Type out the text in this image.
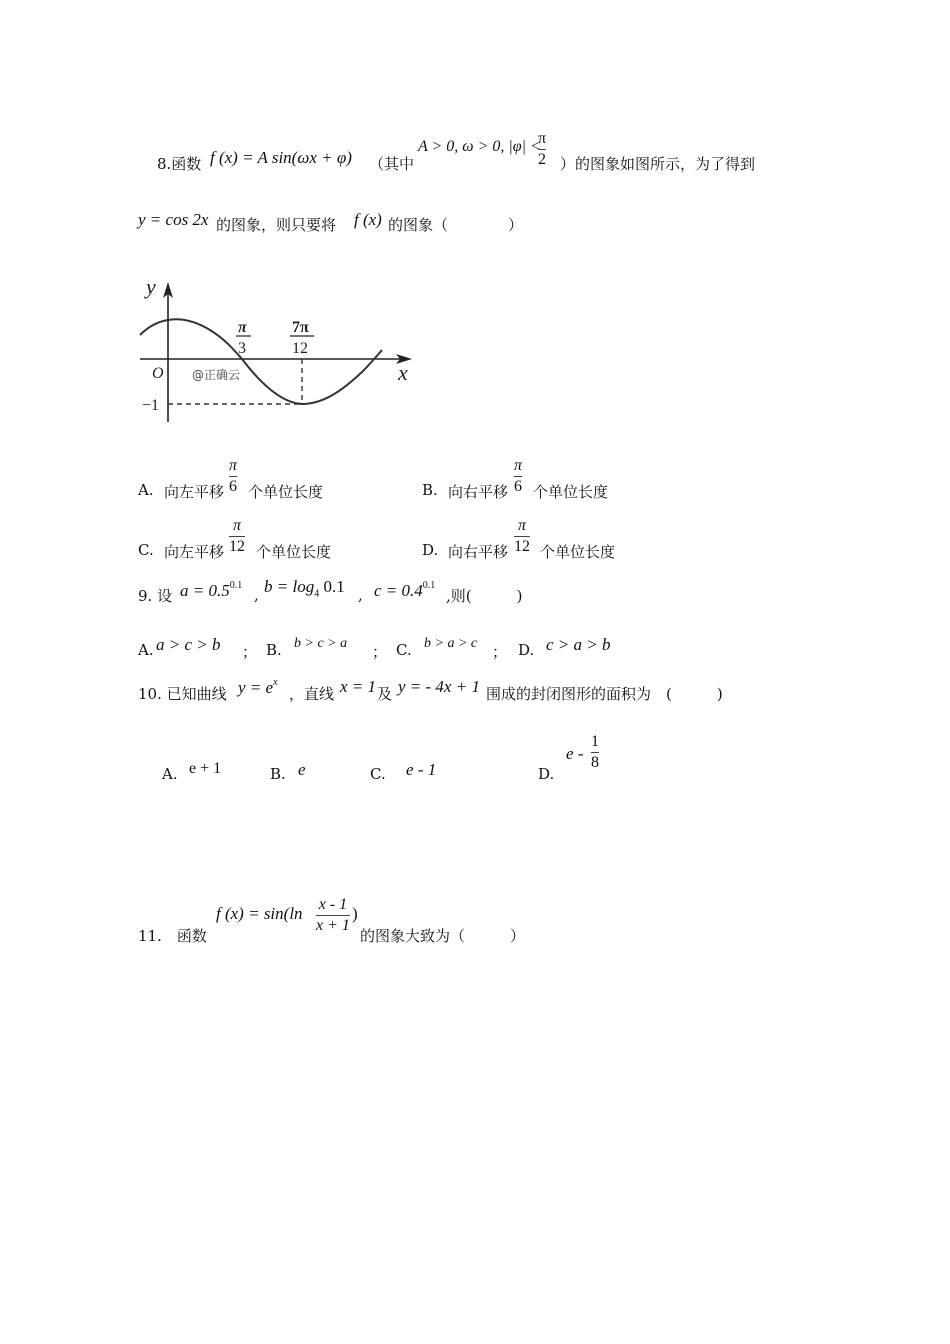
8.函数 f (x) = A sin(ωx + φ) （其中
A > 0, ω > 0, |φ| <
π
2 ）的图象如图所示，为了得到
y = cos 2x 的图象，则只要将 f (x) 的图象（　　　　）
y
x
O
π
3
7π
12
−1
@正确云
A. 向左平移
π
6 个单位长度	B. 向右平移
π
6 个单位长度
C. 向左平移
π
12 个单位长度	D. 向右平移
π
12 个单位长度
9. 设 $a = 0.5^{0.1}$
, $b = \log_4 0.1$ , $c = 0.4^{0.1}$
,则(　　　)
A. a > c > b ； B. b > c > a ； C. b > a > c ； D. c > a > b
10. 已知曲线 $y = e^x$
，直线 x = 1 及 y = - 4x + 1 围成的封闭图形的面积为　(　　　)
A. e + 1	B. e	C. e - 1	D.
e -
1
8
11.　函数
f (x) = sin(ln x - 1
x + 1
)
的图象大致为（　　　）
